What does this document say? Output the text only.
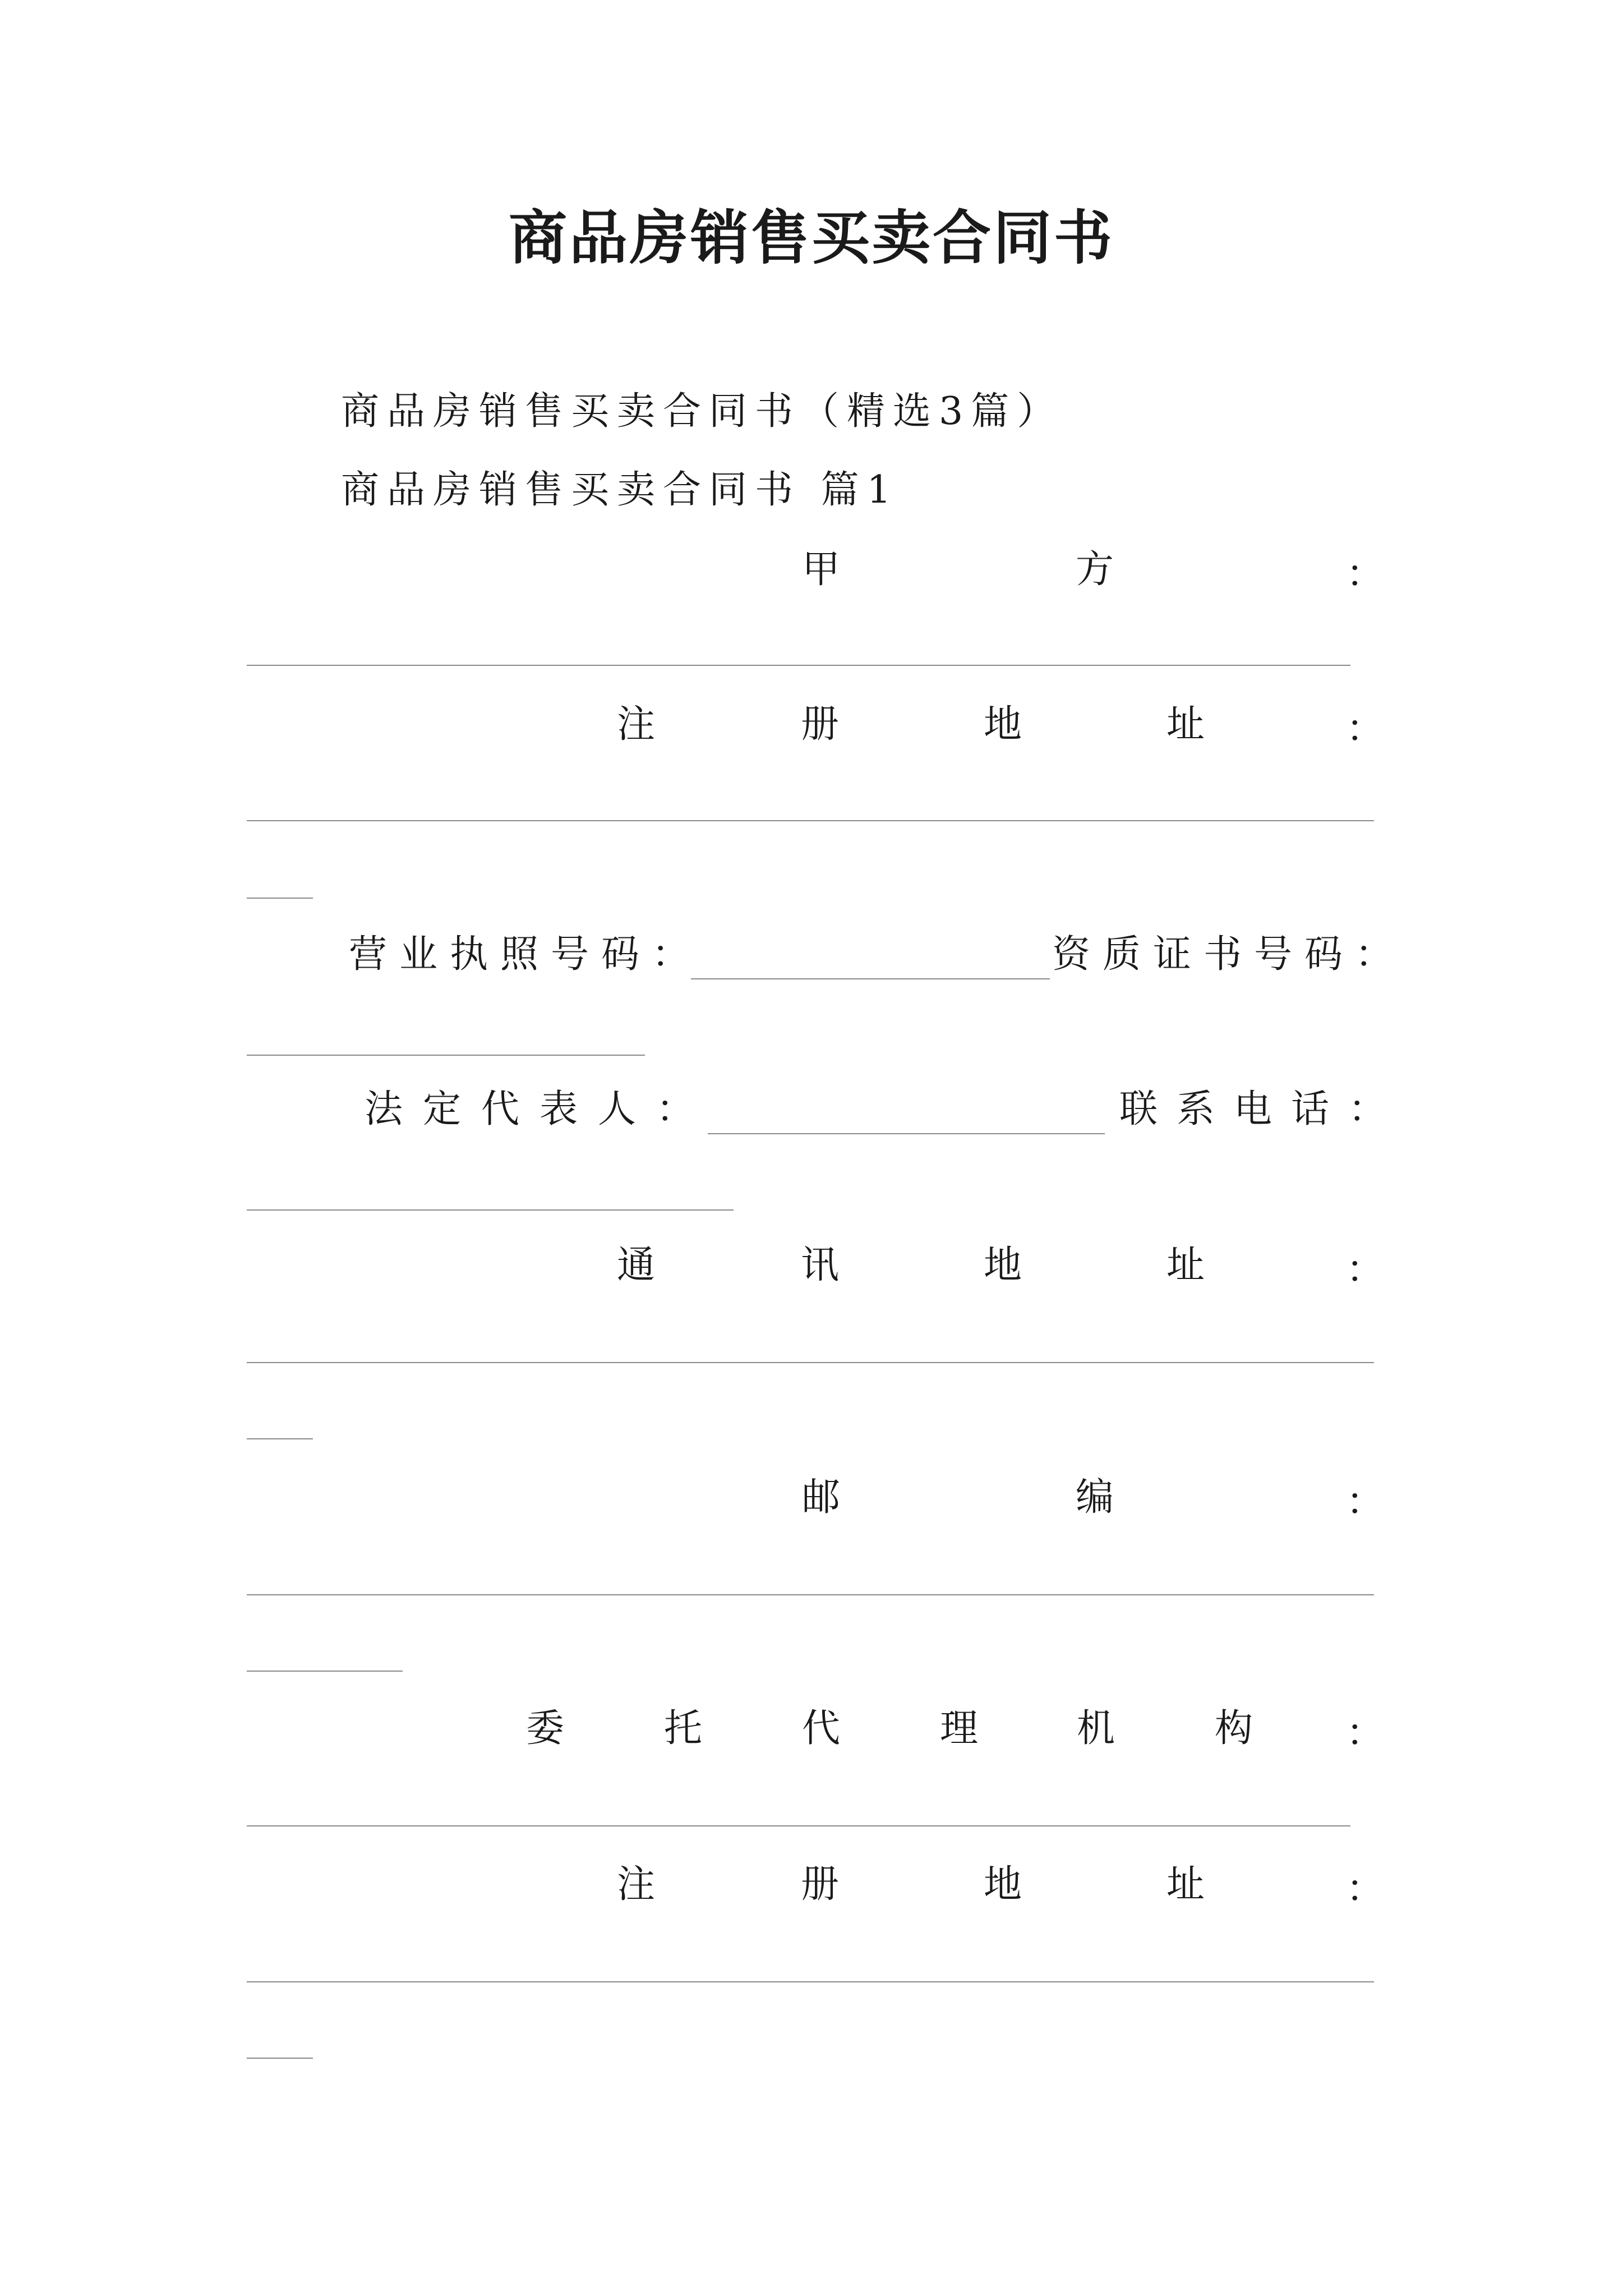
商品房销售买卖合同书
商品房销售买卖合同书（精选3篇）
商品房销售买卖合同书 篇1
甲	方	：
注	册	地	址	：
营业执照号码：	资质证书号码：
法定代表人：	联系电话：
通	讯	地	址	：
邮	编	：
委	托	代	理	机	构 ：
注	册	地	址	：
